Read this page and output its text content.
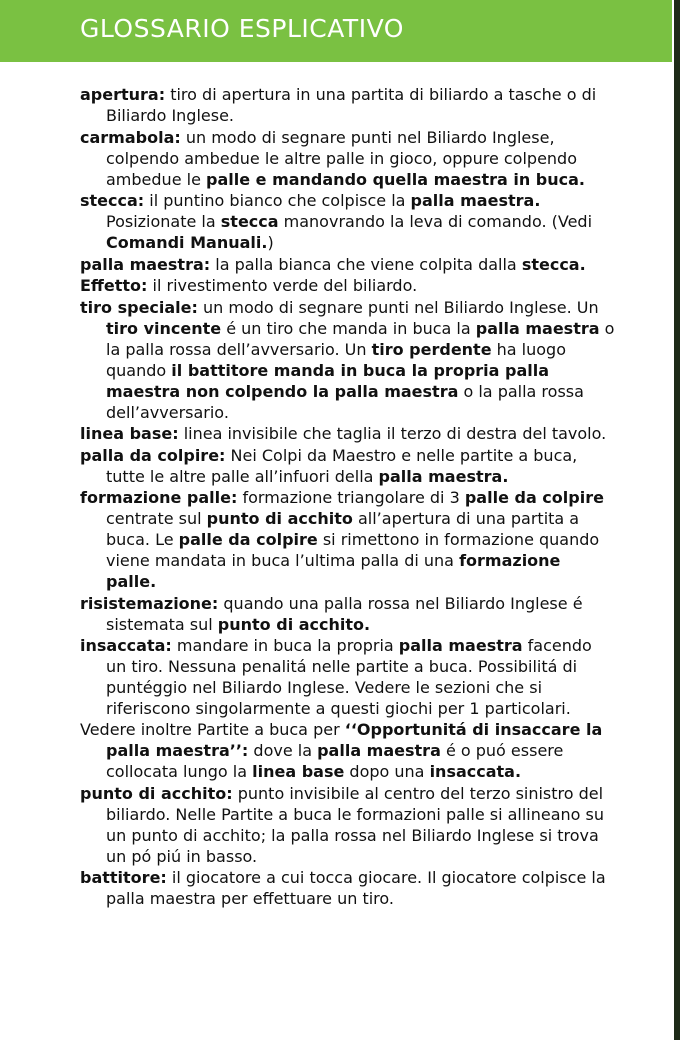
GLOSSARIO ESPLICATIVO

apertura: tiro di apertura in una partita di biliardo a tasche o di Biliardo Inglese.

carmabola: un modo di segnare punti nel Biliardo Inglese, colpendo ambedue le altre palle in gioco, oppure colpendo ambedue le palle e mandando quella maestra in buca.

stecca: il puntino bianco che colpisce la palla maestra. Posizionate la stecca manovrando la leva di comando. (Vedi Comandi Manuali.)

palla maestra: la palla bianca che viene colpita dalla stecca.

Effetto: il rivestimento verde del biliardo.

tiro speciale: un modo di segnare punti nel Biliardo Inglese. Un tiro vincente é un tiro che manda in buca la palla maestra o la palla rossa dell’avversario. Un tiro perdente ha luogo quando il battitore manda in buca la propria palla maestra non colpendo la palla maestra o la palla rossa dell’avversario.

linea base: linea invisibile che taglia il terzo di destra del tavolo.

palla da colpire: Nei Colpi da Maestro e nelle partite a buca, tutte le altre palle all’infuori della palla maestra.

formazione palle: formazione triangolare di 3 palle da colpire centrate sul punto di acchito all’apertura di una partita a buca. Le palle da colpire si rimettono in formazione quando viene mandata in buca l’ultima palla di una formazione palle.

risistemazione: quando una palla rossa nel Biliardo Inglese é sistemata sul punto di acchito.

insaccata: mandare in buca la propria palla maestra facendo un tiro. Nessuna penalitá nelle partite a buca. Possibilitá di puntéggio nel Biliardo Inglese. Vedere le sezioni che si riferiscono singolarmente a questi giochi per 1 particolari.
Vedere inoltre Partite a buca per ‘‘Opportunitá di insaccare la palla maestra’’: dove la palla maestra é o puó essere collocata lungo la linea base dopo una insaccata.

punto di acchito: punto invisibile al centro del terzo sinistro del biliardo. Nelle Partite a buca le formazioni palle si allineano su un punto di acchito; la palla rossa nel Biliardo Inglese si trova un pó piú in basso.

battitore: il giocatore a cui tocca giocare. Il giocatore colpisce la palla maestra per effettuare un tiro.
